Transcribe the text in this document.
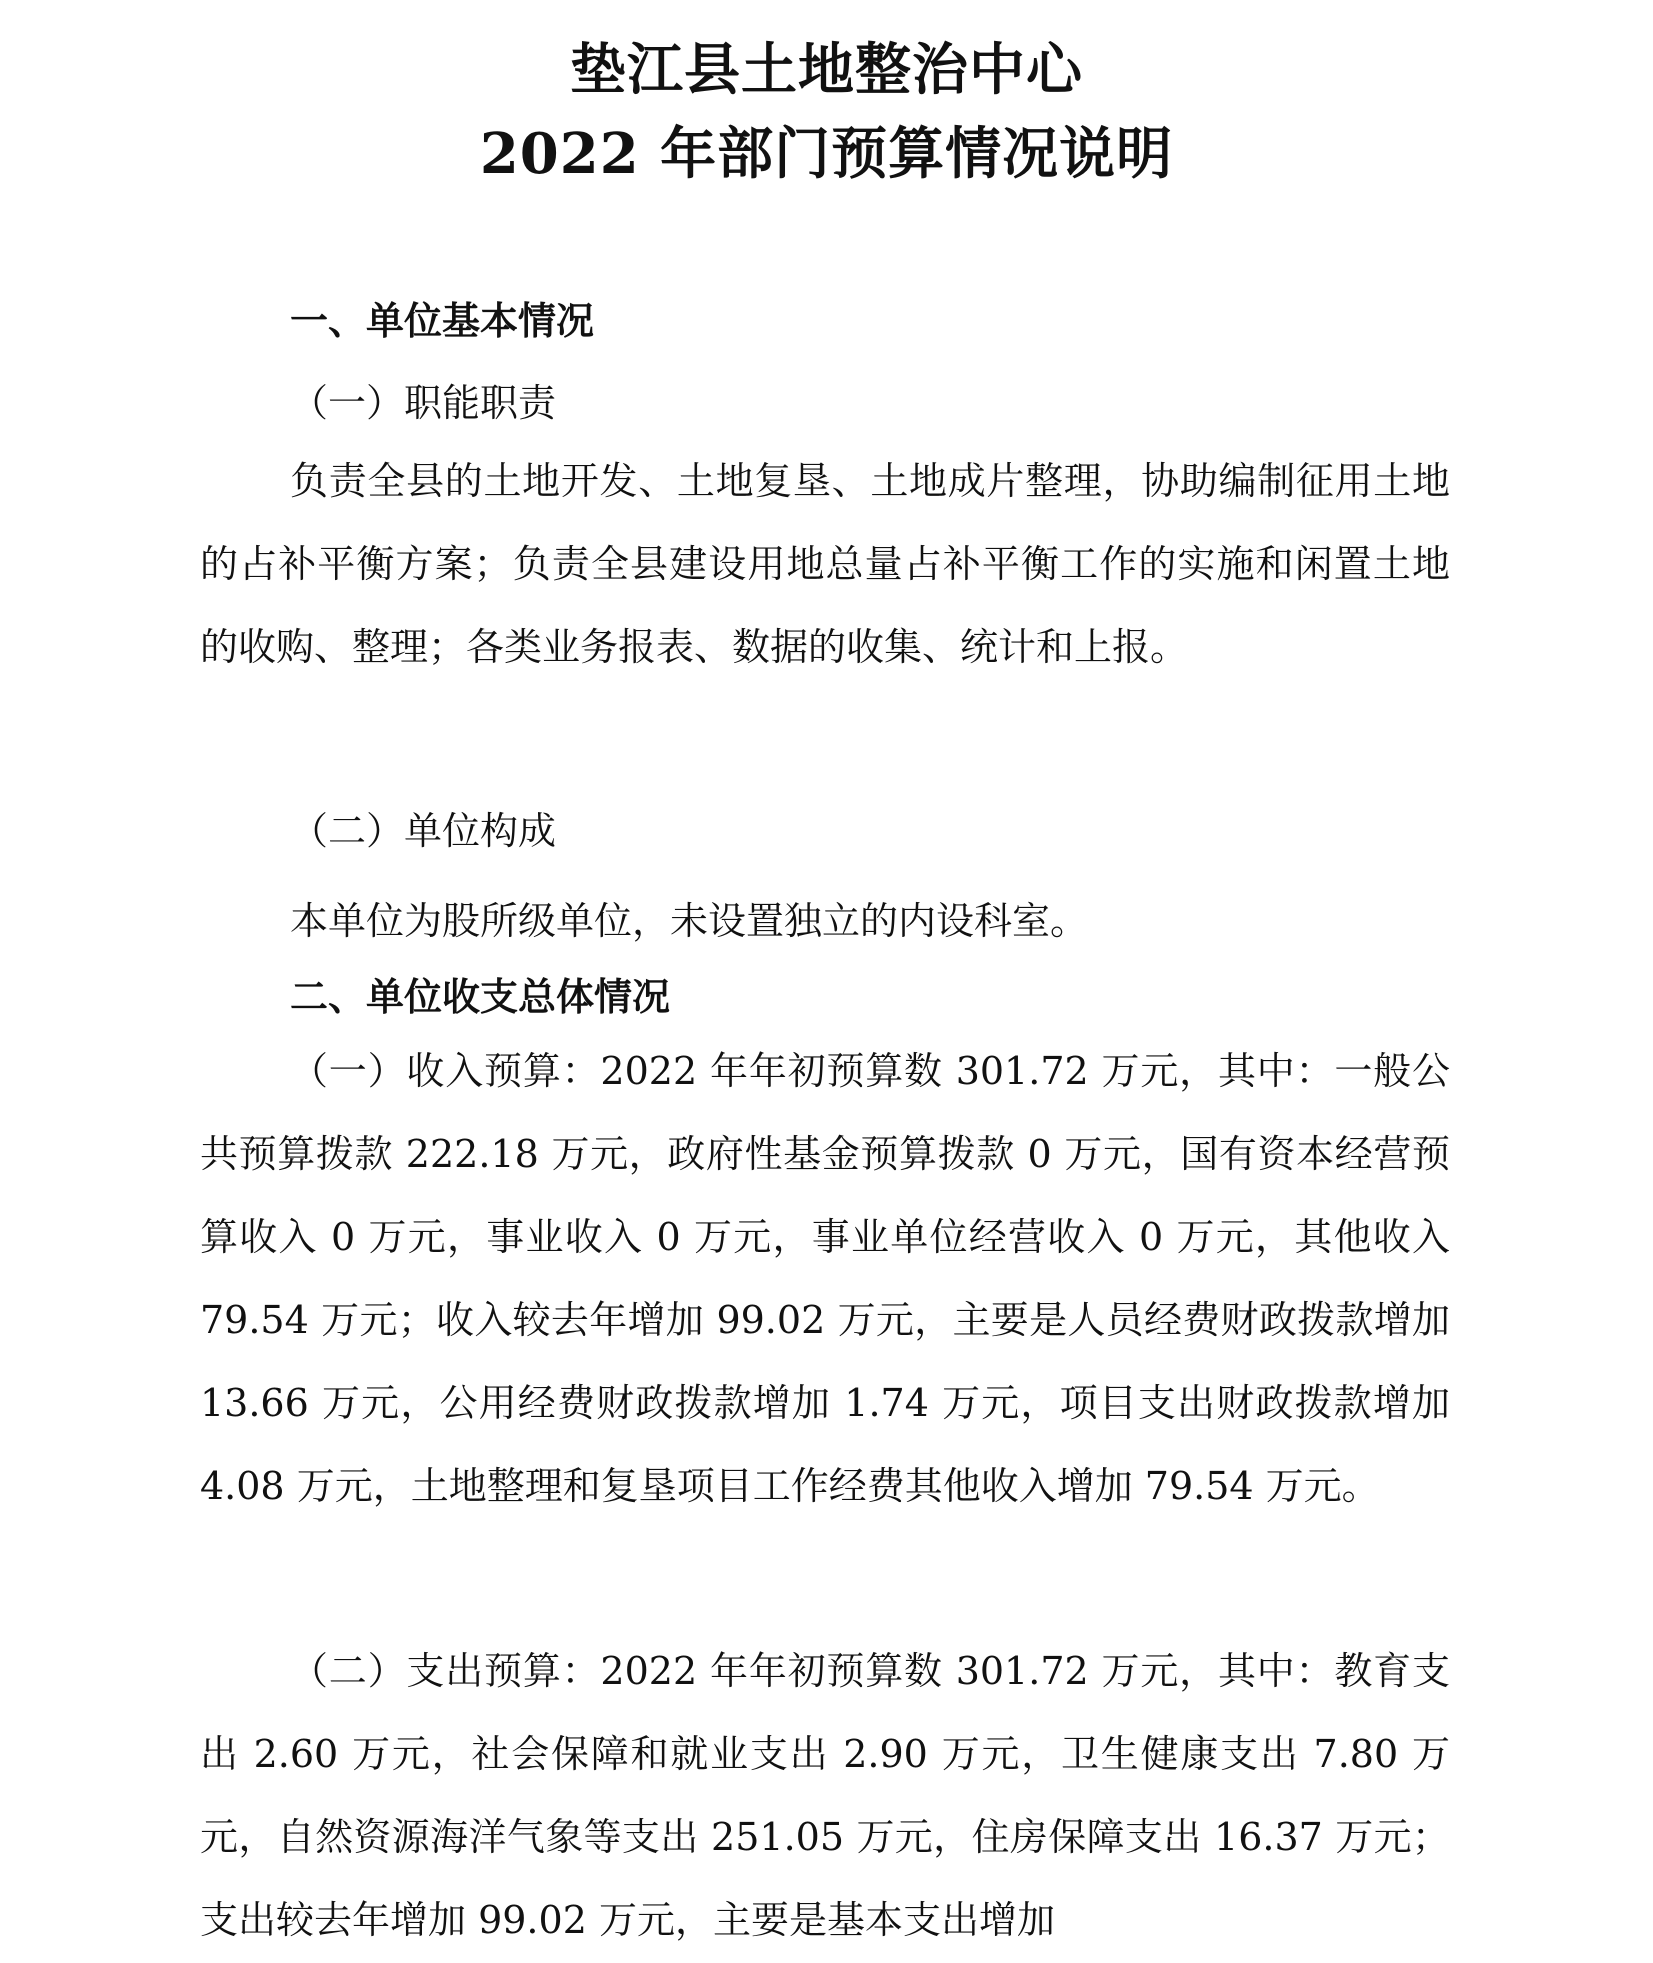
垫江县土地整治中心
2022 年部门预算情况说明
一、单位基本情况
（一）职能职责

负责全县的土地开发、土地复垦、土地成片整理，协助编制征用土地的占补平衡方案；负责全县建设用地总量占补平衡工作的实施和闲置土地的收购、整理；各类业务报表、数据的收集、统计和上报。

（二）单位构成

本单位为股所级单位，未设置独立的内设科室。

二、单位收支总体情况

（一）收入预算：2022 年年初预算数 301.72 万元，其中：一般公共预算拨款 222.18 万元，政府性基金预算拨款 0 万元，国有资本经营预算收入 0 万元，事业收入 0 万元，事业单位经营收入 0 万元，其他收入 79.54 万元；收入较去年增加 99.02 万元，主要是人员经费财政拨款增加 13.66 万元，公用经费财政拨款增加 1.74 万元，项目支出财政拨款增加 4.08 万元，土地整理和复垦项目工作经费其他收入增加 79.54 万元。

（二）支出预算：2022 年年初预算数 301.72 万元，其中：教育支出 2.60 万元，社会保障和就业支出 2.90 万元，卫生健康支出 7.80 万元，自然资源海洋气象等支出 251.05 万元，住房保障支出 16.37 万元；支出较去年增加 99.02 万元，主要是基本支出增加
